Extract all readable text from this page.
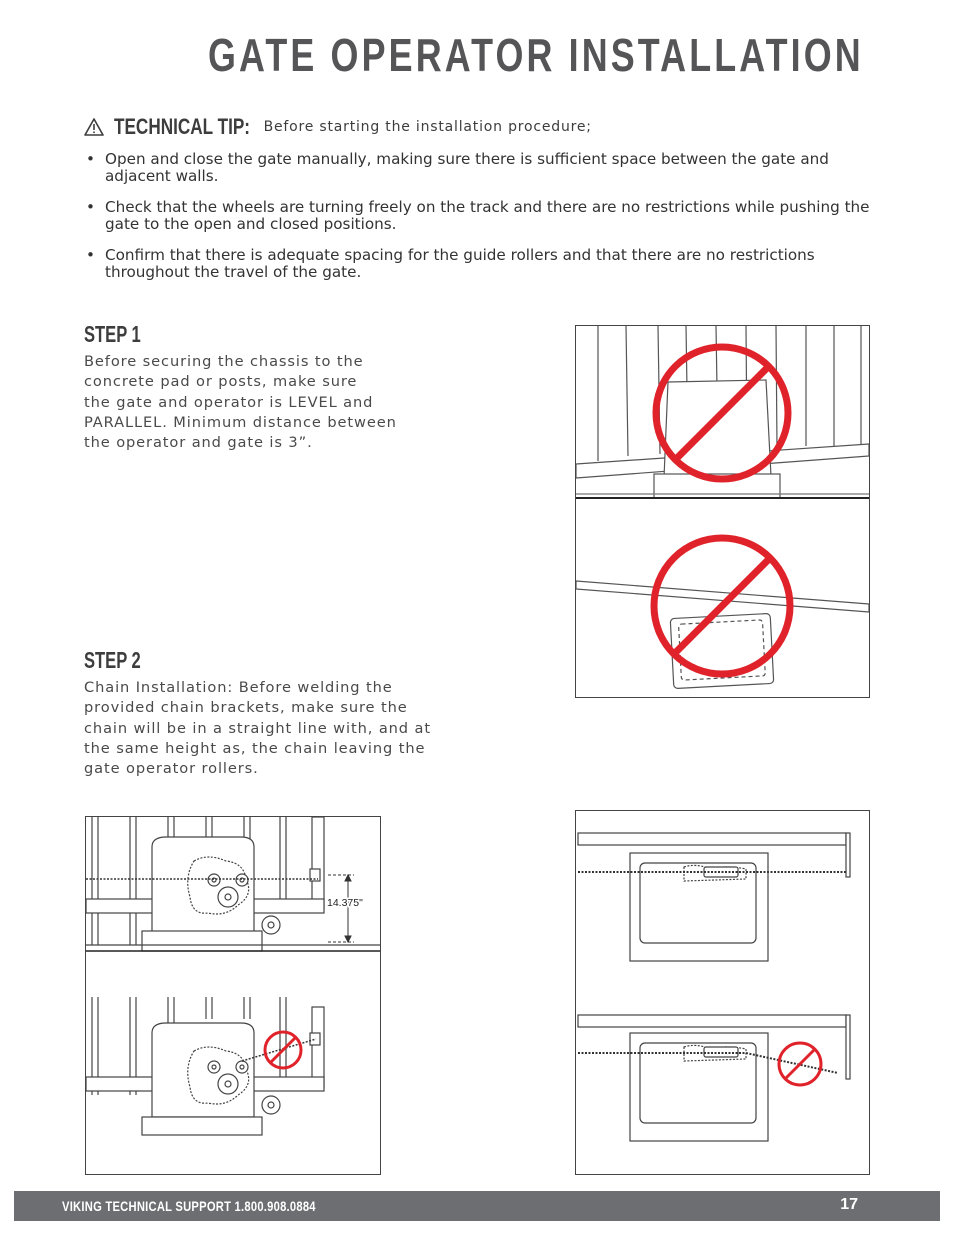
GATE OPERATOR INSTALLATION
TECHNICAL TIP: Before starting the installation procedure;
• Open and close the gate manually, making sure there is sufficient space between the gate and adjacent walls.
• Check that the wheels are turning freely on the track and there are no restrictions while pushing the gate to the open and closed positions.
• Confirm that there is adequate spacing for the guide rollers and that there are no restrictions throughout the travel of the gate.
STEP 1
Before securing the chassis to the
concrete pad or posts, make sure
the gate and operator is LEVEL and
PARALLEL. Minimum distance between
the operator and gate is 3”.
STEP 2
Chain Installation: Before welding the
provided chain brackets, make sure the
chain will be in a straight line with, and at
the same height as, the chain leaving the
gate operator rollers.
14.375"
VIKING TECHNICAL SUPPORT 1.800.908.0884	17
